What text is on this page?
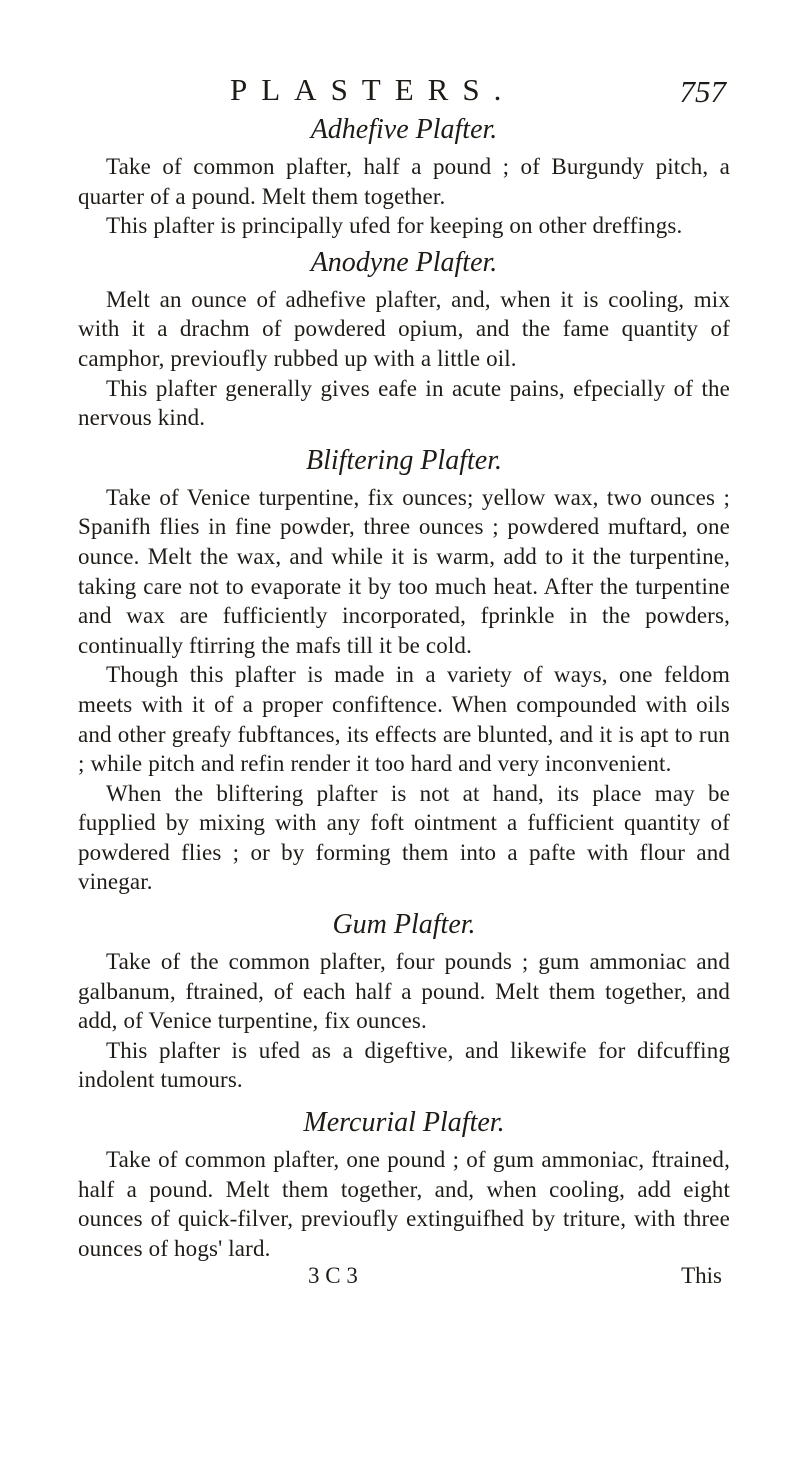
PLASTERS.	757
Adhefive Plafter.

Take of common plafter, half a pound ; of Burgundy pitch, a quarter of a pound. Melt them together.

This plafter is principally ufed for keeping on other dreffings.

Anodyne Plafter.

Melt an ounce of adhefive plafter, and, when it is cooling, mix with it a drachm of powdered opium, and the fame quantity of camphor, previoufly rubbed up with a little oil.

This plafter generally gives eafe in acute pains, efpecially of the nervous kind.

Bliftering Plafter.

Take of Venice turpentine, fix ounces; yellow wax, two ounces ; Spanifh flies in fine powder, three ounces ; powdered muftard, one ounce. Melt the wax, and while it is warm, add to it the turpentine, taking care not to evaporate it by too much heat. After the turpentine and wax are fufficiently incorporated, fprinkle in the powders, continually ftirring the mafs till it be cold.

Though this plafter is made in a variety of ways, one feldom meets with it of a proper confiftence. When compounded with oils and other greafy fubftances, its effects are blunted, and it is apt to run ; while pitch and refin render it too hard and very inconvenient.

When the bliftering plafter is not at hand, its place may be fupplied by mixing with any foft ointment a fufficient quantity of powdered flies ; or by forming them into a pafte with flour and vinegar.

Gum Plafter.

Take of the common plafter, four pounds ; gum ammoniac and galbanum, ftrained, of each half a pound. Melt them together, and add, of Venice turpentine, fix ounces.

This plafter is ufed as a digeftive, and likewife for difcuffing indolent tumours.

Mercurial Plafter.

Take of common plafter, one pound ; of gum ammoniac, ftrained, half a pound. Melt them together, and, when cooling, add eight ounces of quick-filver, previoufly extinguifhed by triture, with three ounces of hogs' lard.

3 C 3	This
